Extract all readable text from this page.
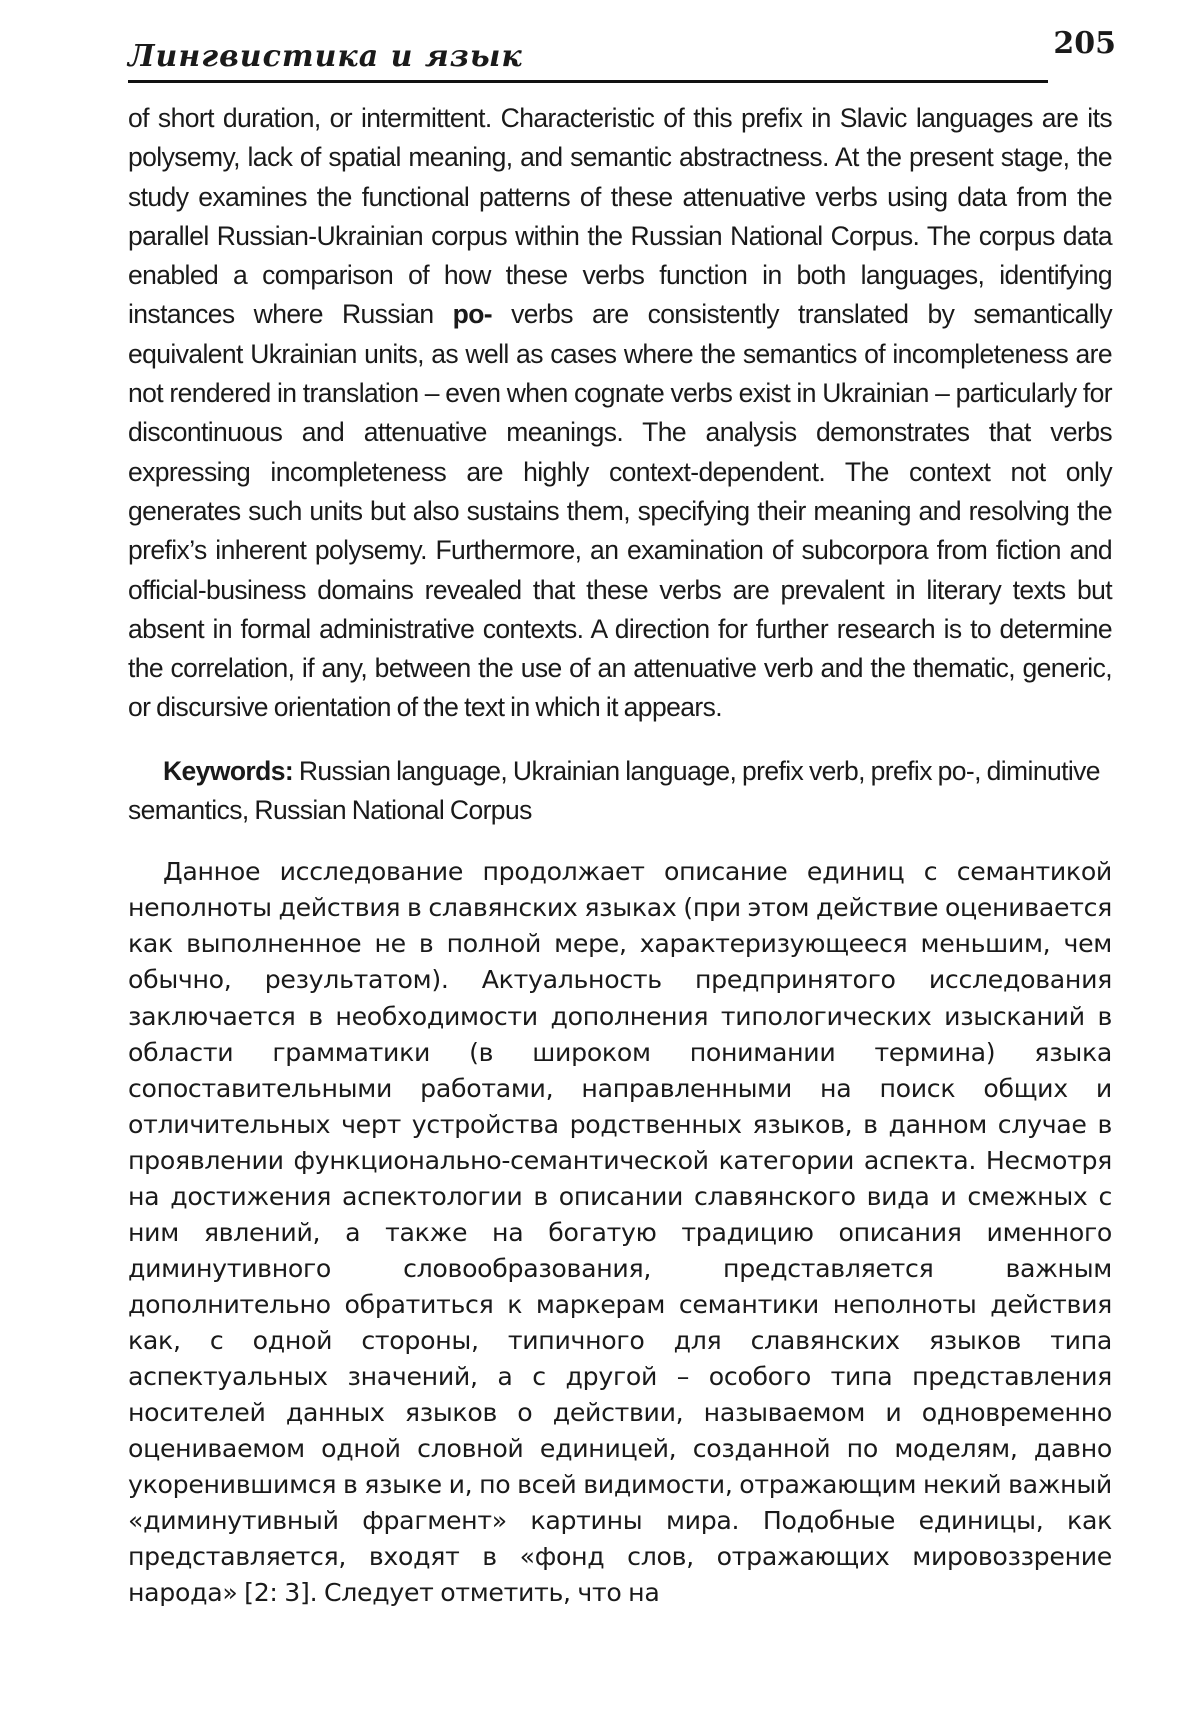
Лингвистика и язык	205

of short duration, or intermittent. Characteristic of this prefix in Slavic languages are its polysemy, lack of spatial meaning, and semantic abstractness. At the present stage, the study examines the functional patterns of these attenuative verbs using data from the parallel Russian-Ukrainian corpus within the Russian National Corpus. The corpus data enabled a comparison of how these verbs function in both languages, identifying instances where Russian po- verbs are consistently translated by semantically equivalent Ukrainian units, as well as cases where the semantics of incompleteness are not rendered in translation – even when cognate verbs exist in Ukrainian – particularly for discontinuous and attenuative meanings. The analysis demonstrates that verbs expressing incompleteness are highly context-dependent. The context not only generates such units but also sustains them, specifying their meaning and resolving the prefix’s inherent polysemy. Furthermore, an examination of subcorpora from fiction and official-business domains revealed that these verbs are prevalent in literary texts but absent in formal administrative contexts. A direction for further research is to determine the correlation, if any, between the use of an attenuative verb and the thematic, generic, or discursive orientation of the text in which it appears.

Keywords: Russian language, Ukrainian language, prefix verb, prefix po-, diminutive semantics, Russian National Corpus

Данное исследование продолжает описание единиц с семантикой неполноты действия в славянских языках (при этом действие оценивается как выполненное не в полной мере, характеризующееся меньшим, чем обычно, результатом). Актуальность предпринятого исследования заключается в необходимости дополнения типологических изысканий в области грамматики (в широком понимании термина) языка сопоставительными работами, направленными на поиск общих и отличительных черт устройства родственных языков, в данном случае в проявлении функционально-семантической категории аспекта. Несмотря на достижения аспектологии в описании славянского вида и смежных с ним явлений, а также на богатую традицию описания именного диминутивного словообразования, представляется важным дополнительно обратиться к маркерам семантики неполноты действия как, с одной стороны, типичного для славянских языков типа аспектуальных значений, а с другой – особого типа представления носителей данных языков о действии, называемом и одновременно оцениваемом одной словной единицей, созданной по моделям, давно укоренившимся в языке и, по всей видимости, отражающим некий важный «диминутивный фрагмент» картины мира. Подобные единицы, как представляется, входят в «фонд слов, отражающих мировоззрение народа» [2: 3]. Следует отметить, что на
